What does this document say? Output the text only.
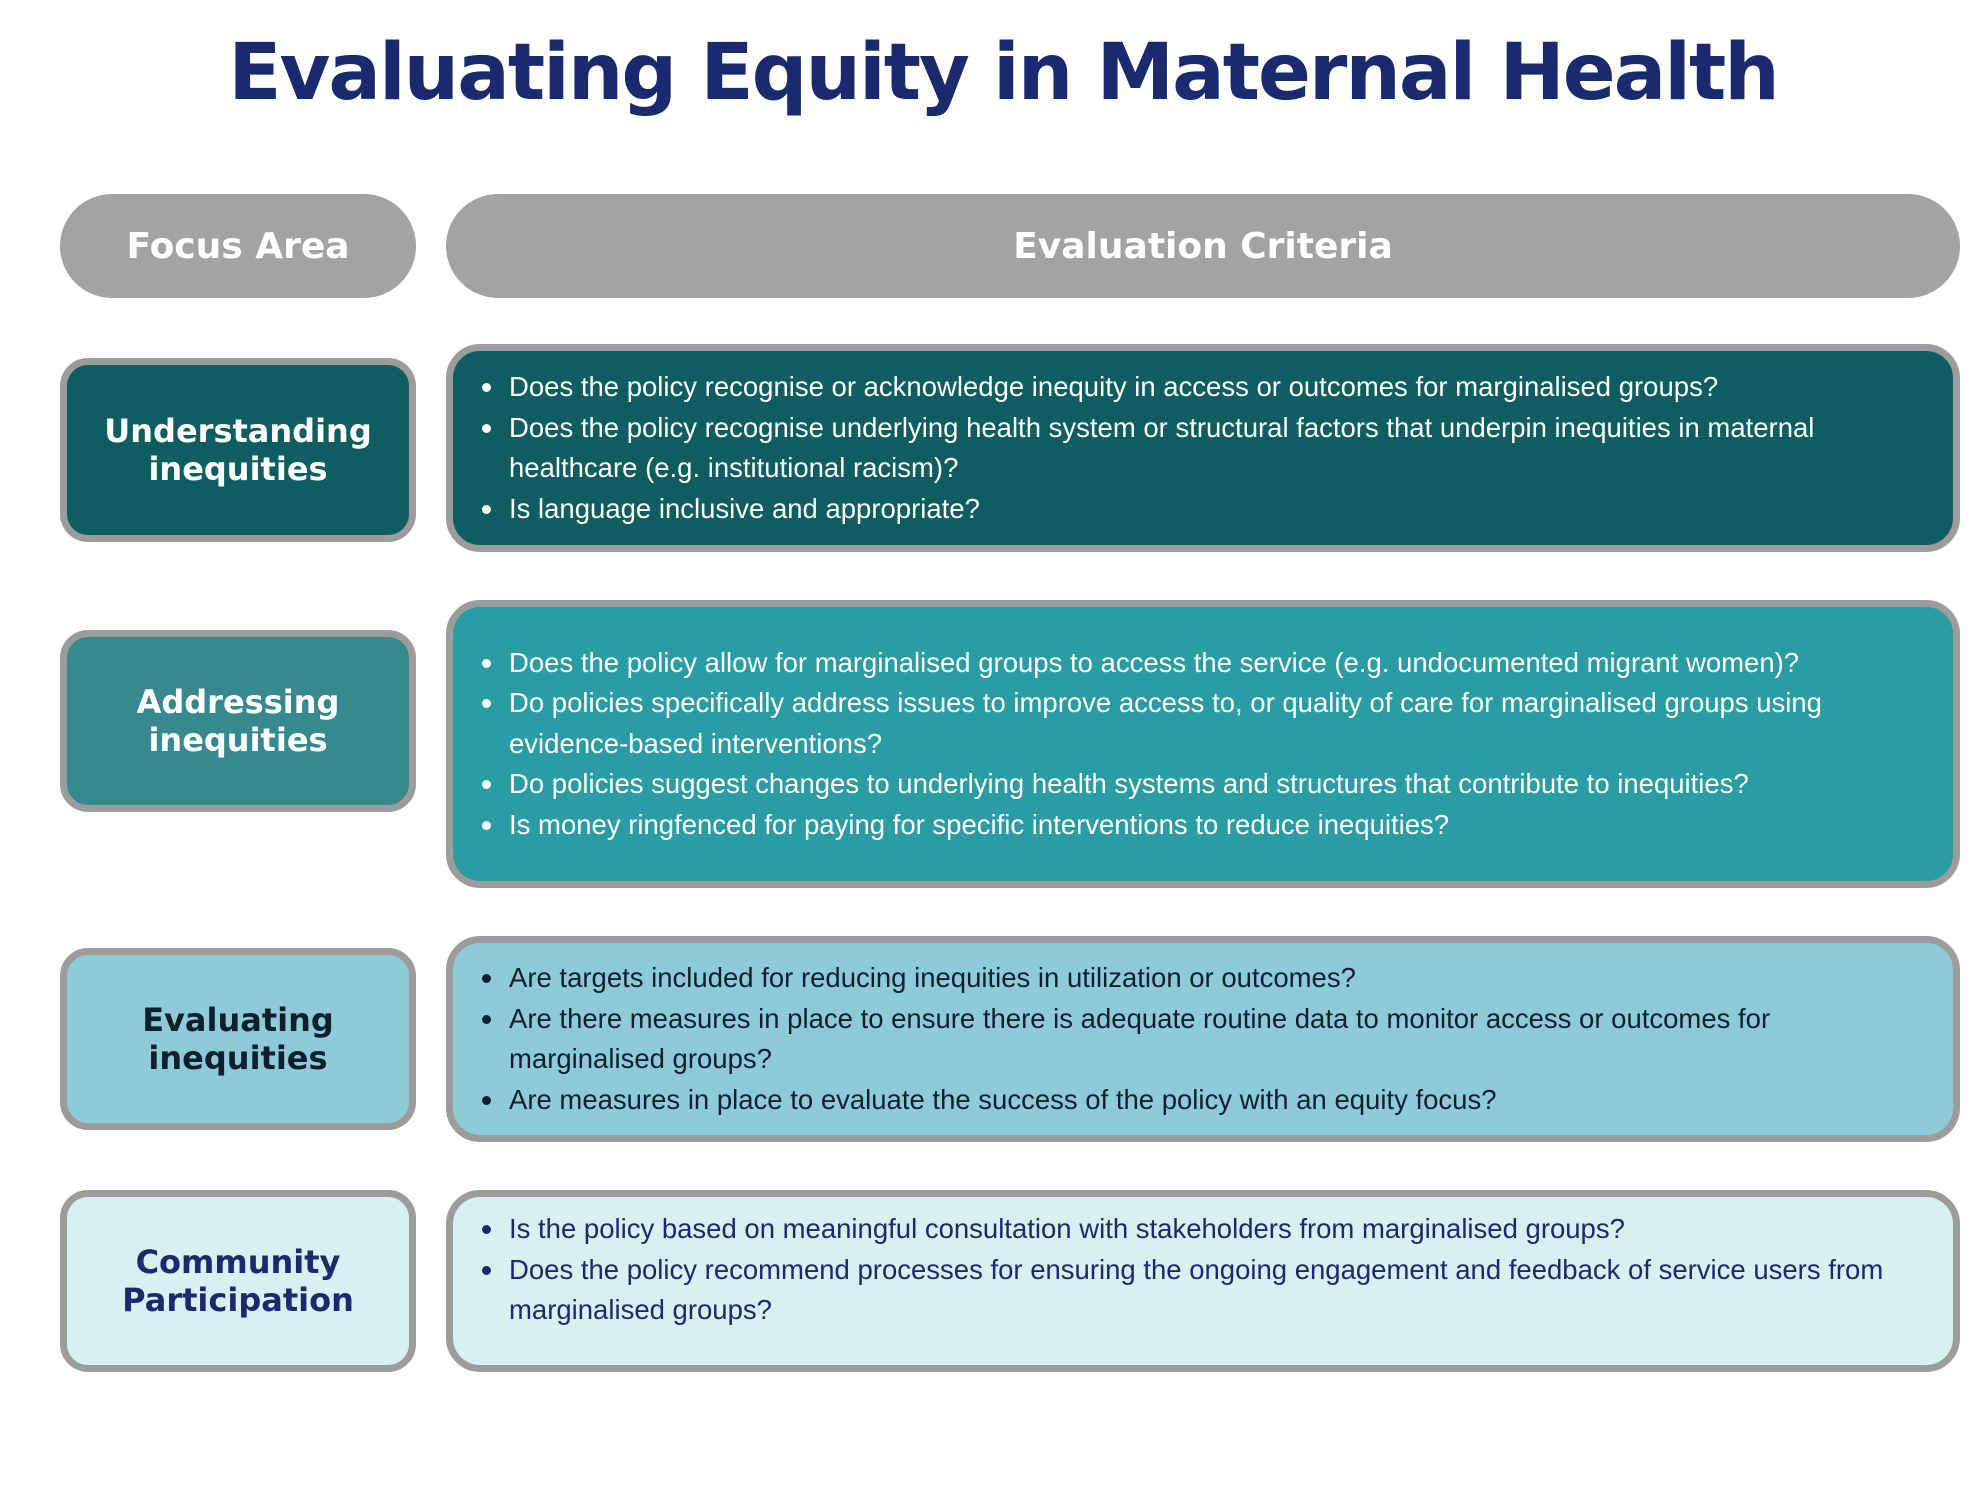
Evaluating Equity in Maternal Health
Focus Area	Evaluation Criteria
Understanding
inequities
Does the policy recognise or acknowledge inequity in access or outcomes for marginalised groups?
Does the policy recognise underlying health system or structural factors that underpin inequities in maternal healthcare (e.g. institutional racism)?
Is language inclusive and appropriate?
Addressing
inequities
Does the policy allow for marginalised groups to access the service (e.g. undocumented migrant women)?
Do policies specifically address issues to improve access to, or quality of care for marginalised groups using evidence-based interventions?
Do policies suggest changes to underlying health systems and structures that contribute to inequities?
Is money ringfenced for paying for specific interventions to reduce inequities?
Evaluating
inequities
Are targets included for reducing inequities in utilization or outcomes?
Are there measures in place to ensure there is adequate routine data to monitor access or outcomes for marginalised groups?
Are measures in place to evaluate the success of the policy with an equity focus?
Community
Participation
Is the policy based on meaningful consultation with stakeholders from marginalised groups?
Does the policy recommend processes for ensuring the ongoing engagement and feedback of service users from marginalised groups?
